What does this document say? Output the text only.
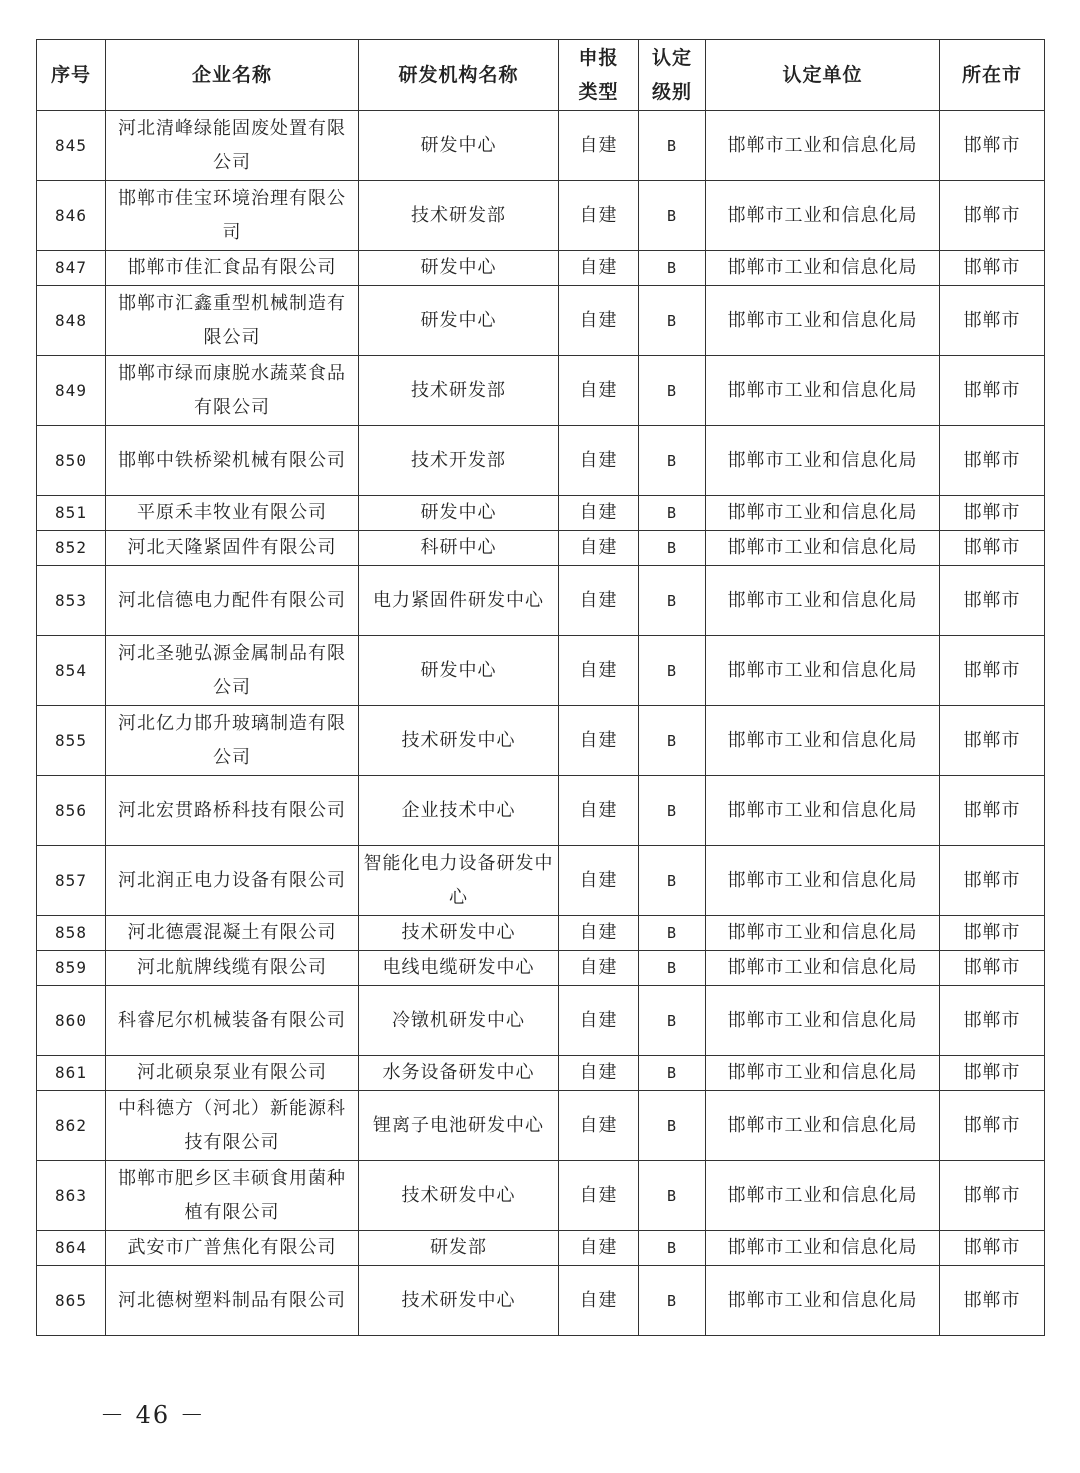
序号	企业名称	研发机构名称	申报类型	认定级别	认定单位	所在市
845	河北清峰绿能固废处置有限公司	研发中心	自建	B	邯郸市工业和信息化局	邯郸市
846	邯郸市佳宝环境治理有限公司	技术研发部	自建	B	邯郸市工业和信息化局	邯郸市
847	邯郸市佳汇食品有限公司	研发中心	自建	B	邯郸市工业和信息化局	邯郸市
848	邯郸市汇鑫重型机械制造有限公司	研发中心	自建	B	邯郸市工业和信息化局	邯郸市
849	邯郸市绿而康脱水蔬菜食品有限公司	技术研发部	自建	B	邯郸市工业和信息化局	邯郸市
850	邯郸中铁桥梁机械有限公司	技术开发部	自建	B	邯郸市工业和信息化局	邯郸市
851	平原禾丰牧业有限公司	研发中心	自建	B	邯郸市工业和信息化局	邯郸市
852	河北天隆紧固件有限公司	科研中心	自建	B	邯郸市工业和信息化局	邯郸市
853	河北信德电力配件有限公司	电力紧固件研发中心	自建	B	邯郸市工业和信息化局	邯郸市
854	河北圣驰弘源金属制品有限公司	研发中心	自建	B	邯郸市工业和信息化局	邯郸市
855	河北亿力邯升玻璃制造有限公司	技术研发中心	自建	B	邯郸市工业和信息化局	邯郸市
856	河北宏贯路桥科技有限公司	企业技术中心	自建	B	邯郸市工业和信息化局	邯郸市
857	河北润正电力设备有限公司	智能化电力设备研发中心	自建	B	邯郸市工业和信息化局	邯郸市
858	河北德震混凝土有限公司	技术研发中心	自建	B	邯郸市工业和信息化局	邯郸市
859	河北航牌线缆有限公司	电线电缆研发中心	自建	B	邯郸市工业和信息化局	邯郸市
860	科睿尼尔机械装备有限公司	冷镦机研发中心	自建	B	邯郸市工业和信息化局	邯郸市
861	河北硕泉泵业有限公司	水务设备研发中心	自建	B	邯郸市工业和信息化局	邯郸市
862	中科德方（河北）新能源科技有限公司	锂离子电池研发中心	自建	B	邯郸市工业和信息化局	邯郸市
863	邯郸市肥乡区丰硕食用菌种植有限公司	技术研发中心	自建	B	邯郸市工业和信息化局	邯郸市
864	武安市广普焦化有限公司	研发部	自建	B	邯郸市工业和信息化局	邯郸市
865	河北德树塑料制品有限公司	技术研发中心	自建	B	邯郸市工业和信息化局	邯郸市
－ 46 －
